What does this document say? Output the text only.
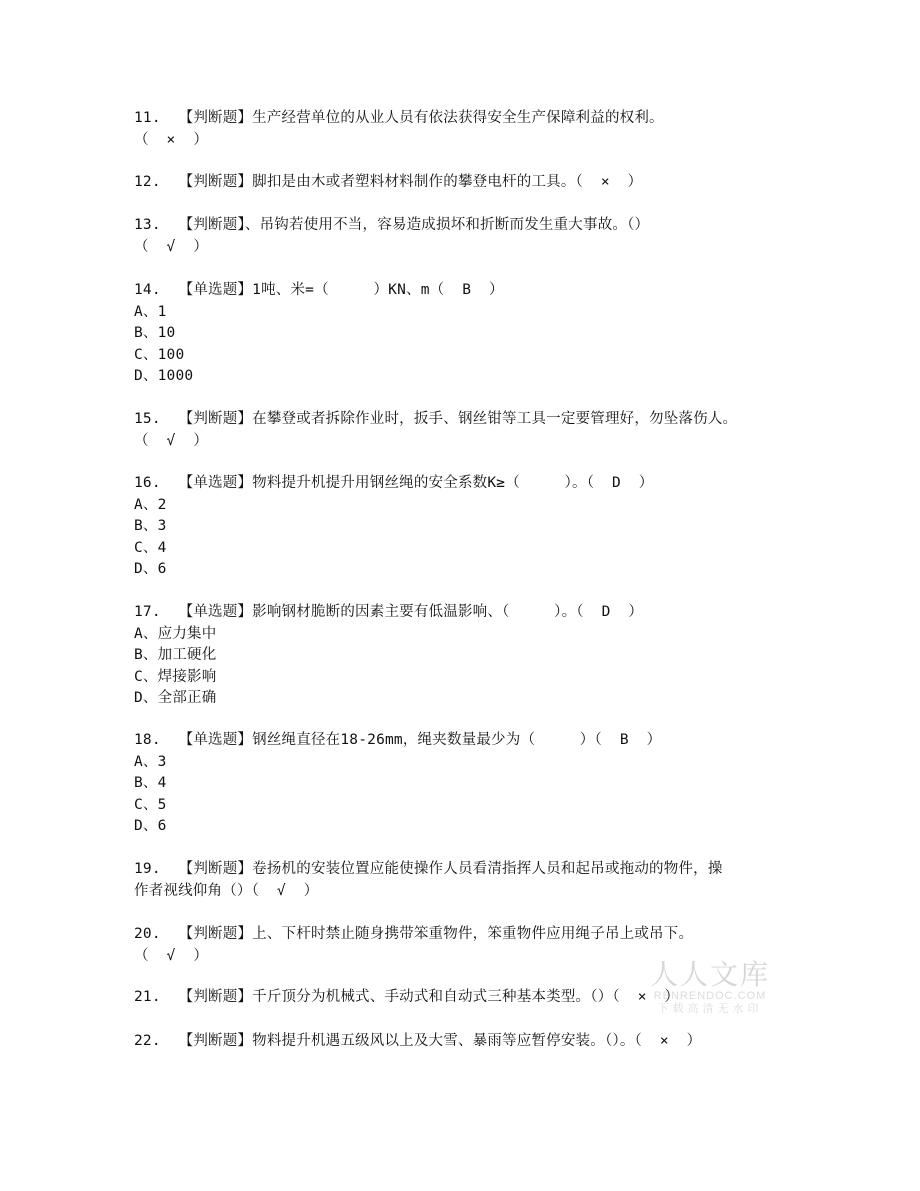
11.  【判断题】生产经营单位的从业人员有依法获得安全生产保障利益的权利。
（  ×  ）
12.  【判断题】脚扣是由木或者塑料材料制作的攀登电杆的工具。（  ×  ）
13.  【判断题】、吊钩若使用不当，容易造成损坏和折断而发生重大事故。（）
（  √  ）
14.  【单选题】1吨、米=（     ）KN、m（  B  ）
A、1
B、10
C、100
D、1000
15.  【判断题】在攀登或者拆除作业时，扳手、钢丝钳等工具一定要管理好，勿坠落伤人。
（  √  ）
16.  【单选题】物料提升机提升用钢丝绳的安全系数K≥（     ）。（  D  ）
A、2
B、3
C、4
D、6
17.  【单选题】影响钢材脆断的因素主要有低温影响、（     ）。（  D  ）
A、应力集中
B、加工硬化
C、焊接影响
D、全部正确
18.  【单选题】钢丝绳直径在18-26mm，绳夹数量最少为（     ）（  B  ）
A、3
B、4
C、5
D、6
19.  【判断题】卷扬机的安装位置应能使操作人员看清指挥人员和起吊或拖动的物件，操
作者视线仰角（）（  √  ）
20.  【判断题】上、下杆时禁止随身携带笨重物件，笨重物件应用绳子吊上或吊下。
（  √  ）
21.  【判断题】千斤顶分为机械式、手动式和自动式三种基本类型。（）（  ×  ）
22.  【判断题】物料提升机遇五级风以上及大雪、暴雨等应暂停安装。（）。（  ×  ）
人人文库
RENRENDOC.COM
下载高清无水印
